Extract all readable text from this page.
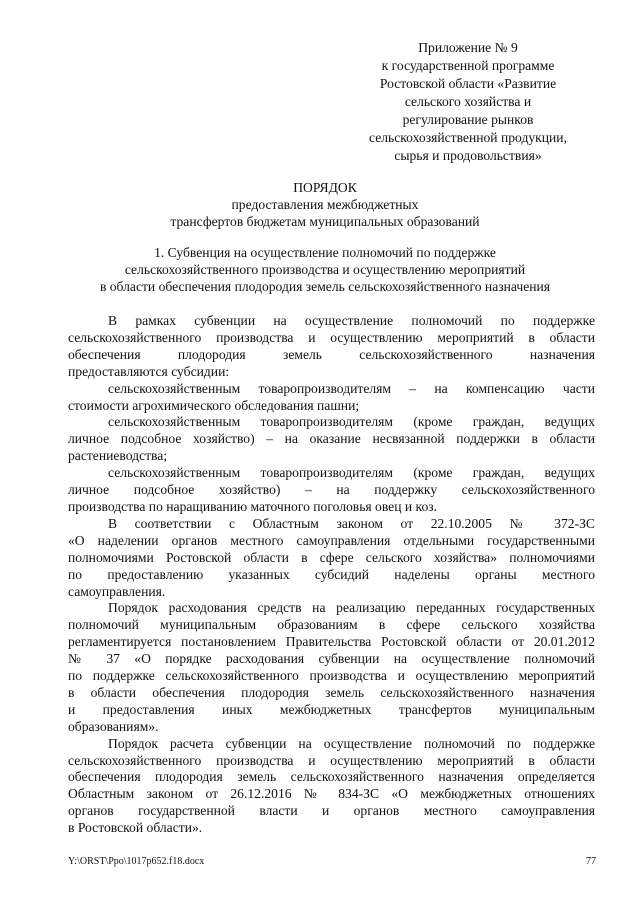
Приложение № 9
к государственной программе
Ростовской области «Развитие
сельского хозяйства и
регулирование рынков
сельскохозяйственной продукции,
сырья и продовольствия»
ПОРЯДОК
предоставления межбюджетных
трансфертов бюджетам муниципальных образований
1. Субвенция на осуществление полномочий по поддержке
сельскохозяйственного производства и осуществлению мероприятий
в области обеспечения плодородия земель сельскохозяйственного назначения
В рамках субвенции на осуществление полномочий по поддержке
сельскохозяйственного производства и осуществлению мероприятий в области
обеспечения плодородия земель сельскохозяйственного назначения
предоставляются субсидии:
сельскохозяйственным товаропроизводителям – на компенсацию части
стоимости агрохимического обследования пашни;
сельскохозяйственным товаропроизводителям (кроме граждан, ведущих
личное подсобное хозяйство) – на оказание несвязанной поддержки в области
растениеводства;
сельскохозяйственным товаропроизводителям (кроме граждан, ведущих
личное подсобное хозяйство) – на поддержку сельскохозяйственного
производства по наращиванию маточного поголовья овец и коз.
В соответствии с Областным законом от 22.10.2005 № 372-ЗС
«О наделении органов местного самоуправления отдельными государственными
полномочиями Ростовской области в сфере сельского хозяйства» полномочиями
по предоставлению указанных субсидий наделены органы местного
самоуправления.
Порядок расходования средств на реализацию переданных государственных
полномочий муниципальным образованиям в сфере сельского хозяйства
регламентируется постановлением Правительства Ростовской области от 20.01.2012
№ 37 «О порядке расходования субвенции на осуществление полномочий
по поддержке сельскохозяйственного производства и осуществлению мероприятий
в области обеспечения плодородия земель сельскохозяйственного назначения
и предоставления иных межбюджетных трансфертов муниципальным
образованиям».
Порядок расчета субвенции на осуществление полномочий по поддержке
сельскохозяйственного производства и осуществлению мероприятий в области
обеспечения плодородия земель сельскохозяйственного назначения определяется
Областным законом от 26.12.2016 № 834-ЗС «О межбюджетных отношениях
органов государственной власти и органов местного самоуправления
в Ростовской области».
Y:\ORST\Ppo\1017p652.f18.docx	77
